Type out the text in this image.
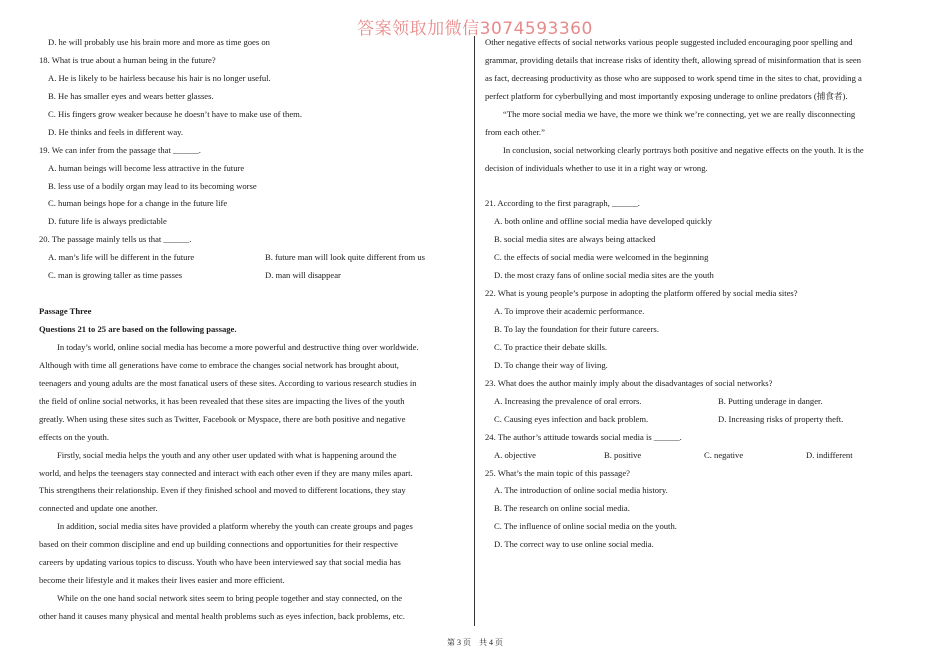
答案领取加微信3074593360
D. he will probably use his brain more and more as time goes on
18. What is true about a human being in the future?
A. He is likely to be hairless because his hair is no longer useful.
B. He has smaller eyes and wears better glasses.
C. His fingers grow weaker because he doesn’t have to make use of them.
D. He thinks and feels in different way.
19. We can infer from the passage that ______.
A. human beings will become less attractive in the future
B. less use of a bodily organ may lead to its becoming worse
C. human beings hope for a change in the future life
D. future life is always predictable
20. The passage mainly tells us that ______.
A. man’s life will be different in the future	B. future man will look quite different from us
C. man is growing taller as time passes	D. man will disappear
Passage Three
Questions 21 to 25 are based on the following passage.
In today’s world, online social media has become a more powerful and destructive thing over worldwide.
Although with time all generations have come to embrace the changes social network has brought about,
teenagers and young adults are the most fanatical users of these sites. According to various research studies in
the field of online social networks, it has been revealed that these sites are impacting the lives of the youth
greatly. When using these sites such as Twitter, Facebook or Myspace, there are both positive and negative
effects on the youth.
Firstly, social media helps the youth and any other user updated with what is happening around the
world, and helps the teenagers stay connected and interact with each other even if they are many miles apart.
This strengthens their relationship. Even if they finished school and moved to different locations, they stay
connected and update one another.
In addition, social media sites have provided a platform whereby the youth can create groups and pages
based on their common discipline and end up building connections and opportunities for their respective
careers by updating various topics to discuss. Youth who have been interviewed say that social media has
become their lifestyle and it makes their lives easier and more efficient.
While on the one hand social network sites seem to bring people together and stay connected, on the
other hand it causes many physical and mental health problems such as eyes infection, back problems, etc.
Other negative effects of social networks various people suggested included encouraging poor spelling and
grammar, providing details that increase risks of identity theft, allowing spread of misinformation that is seen
as fact, decreasing productivity as those who are supposed to work spend time in the sites to chat, providing a
perfect platform for cyberbullying and most importantly exposing underage to online predators (捕食者).
“The more social media we have, the more we think we’re connecting, yet we are really disconnecting
from each other.”
In conclusion, social networking clearly portrays both positive and negative effects on the youth. It is the
decision of individuals whether to use it in a right way or wrong.
21. According to the first paragraph, ______.
A. both online and offline social media have developed quickly
B. social media sites are always being attacked
C. the effects of social media were welcomed in the beginning
D. the most crazy fans of online social media sites are the youth
22. What is young people’s purpose in adopting the platform offered by social media sites?
A. To improve their academic performance.
B. To lay the foundation for their future careers.
C. To practice their debate skills.
D. To change their way of living.
23. What does the author mainly imply about the disadvantages of social networks?
A. Increasing the prevalence of oral errors.	B. Putting underage in danger.
C. Causing eyes infection and back problem.	D. Increasing risks of property theft.
24. The author’s attitude towards social media is ______.
A. objective	B. positive	C. negative	D. indifferent
25. What’s the main topic of this passage?
A. The introduction of online social media history.
B. The research on online social media.
C. The influence of online social media on the youth.
D. The correct way to use online social media.
第 3 页　共 4 页
